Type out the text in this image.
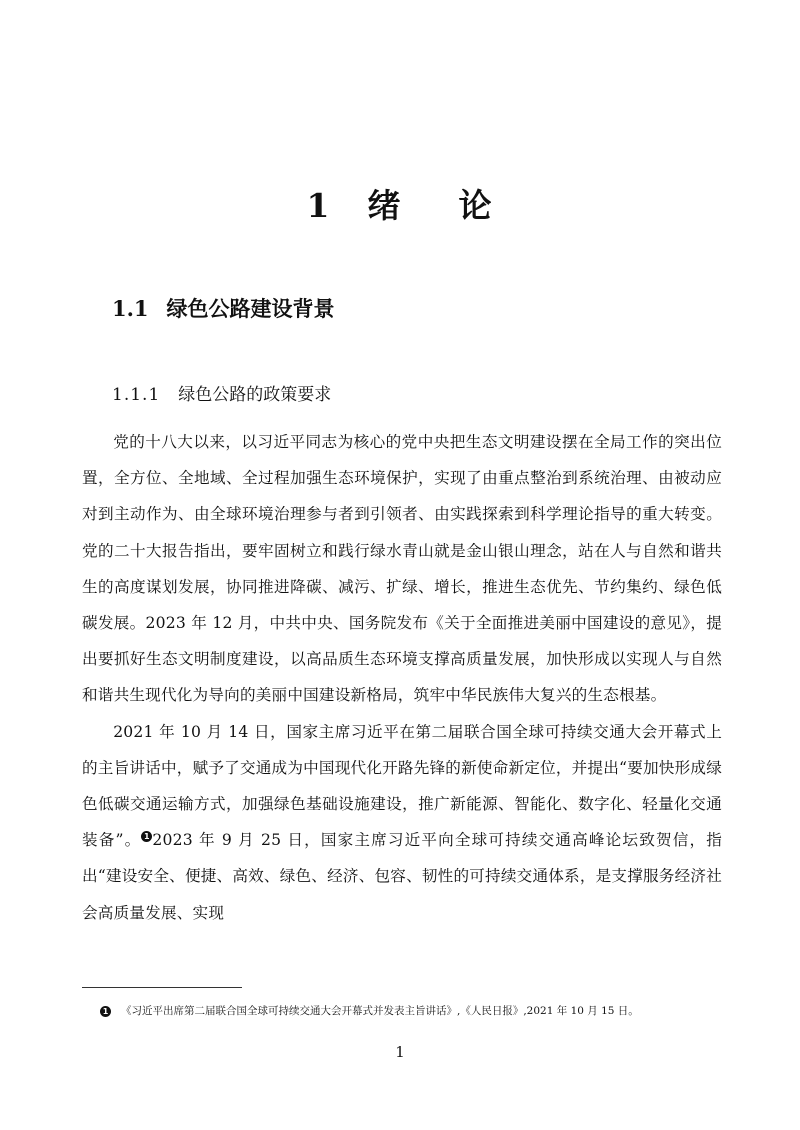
1 绪 论
1.1 绿色公路建设背景
1.1.1 绿色公路的政策要求

党的十八大以来，以习近平同志为核心的党中央把生态文明建设摆在全局工作的突出位置，全方位、全地域、全过程加强生态环境保护，实现了由重点整治到系统治理、由被动应对到主动作为、由全球环境治理参与者到引领者、由实践探索到科学理论指导的重大转变。党的二十大报告指出，要牢固树立和践行绿水青山就是金山银山理念，站在人与自然和谐共生的高度谋划发展，协同推进降碳、减污、扩绿、增长，推进生态优先、节约集约、绿色低碳发展。2023 年 12 月，中共中央、国务院发布《关于全面推进美丽中国建设的意见》，提出要抓好生态文明制度建设，以高品质生态环境支撑高质量发展，加快形成以实现人与自然和谐共生现代化为导向的美丽中国建设新格局，筑牢中华民族伟大复兴的生态根基。

2021 年 10 月 14 日，国家主席习近平在第二届联合国全球可持续交通大会开幕式上的主旨讲话中，赋予了交通成为中国现代化开路先锋的新使命新定位，并提出“要加快形成绿色低碳交通运输方式，加强绿色基础设施建设，推广新能源、智能化、数字化、轻量化交通装备”。 1 2023 年 9 月 25 日，国家主席习近平向全球可持续交通高峰论坛致贺信，指出“建设安全、便捷、高效、绿色、经济、包容、韧性的可持续交通体系，是支撑服务经济社会高质量发展、实现

1 《习近平出席第二届联合国全球可持续交通大会开幕式并发表主旨讲话》,《人民日报》,2021 年 10 月 15 日。

1
